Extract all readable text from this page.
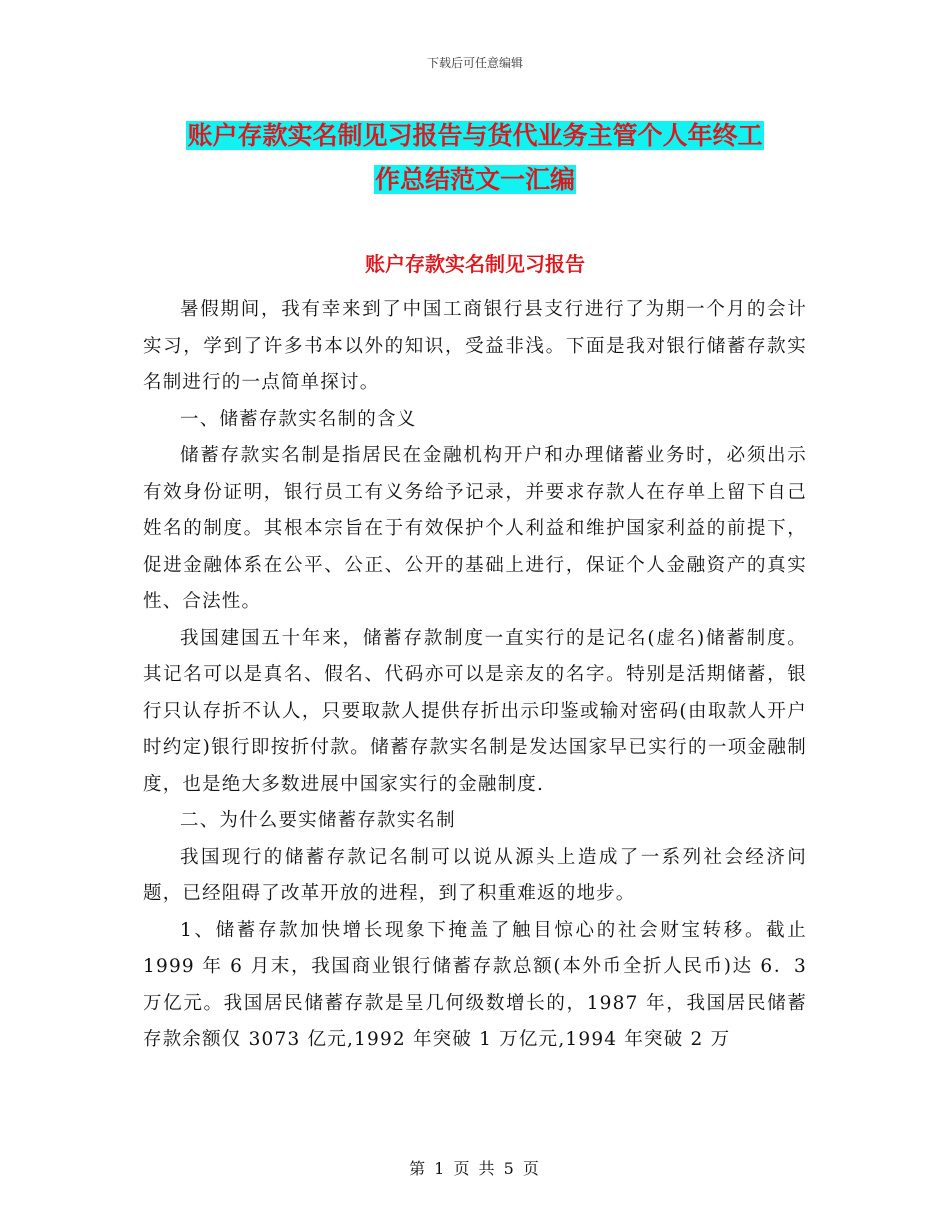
下载后可任意编辑
账户存款实名制见习报告与货代业务主管个人年终工
作总结范文一汇编
账户存款实名制见习报告

暑假期间，我有幸来到了中国工商银行县支行进行了为期一个月的会计实习，学到了许多书本以外的知识，受益非浅。下面是我对银行储蓄存款实名制进行的一点简单探讨。

一、储蓄存款实名制的含义

储蓄存款实名制是指居民在金融机构开户和办理储蓄业务时，必须出示有效身份证明，银行员工有义务给予记录，并要求存款人在存单上留下自己姓名的制度。其根本宗旨在于有效保护个人利益和维护国家利益的前提下，促进金融体系在公平、公正、公开的基础上进行，保证个人金融资产的真实性、合法性。

我国建国五十年来，储蓄存款制度一直实行的是记名(虚名)储蓄制度。其记名可以是真名、假名、代码亦可以是亲友的名字。特别是活期储蓄，银行只认存折不认人，只要取款人提供存折出示印鉴或输对密码(由取款人开户时约定)银行即按折付款。储蓄存款实名制是发达国家早已实行的一项金融制度，也是绝大多数进展中国家实行的金融制度.

二、为什么要实储蓄存款实名制

我国现行的储蓄存款记名制可以说从源头上造成了一系列社会经济问题，已经阻碍了改革开放的进程，到了积重难返的地步。

1、储蓄存款加快增长现象下掩盖了触目惊心的社会财宝转移。截止 1999 年 6 月末，我国商业银行储蓄存款总额(本外币全折人民币)达 6．3 万亿元。我国居民储蓄存款是呈几何级数增长的，1987 年，我国居民储蓄存款余额仅 3073 亿元,1992 年突破 1 万亿元,1994 年突破 2 万

第 1 页 共 5 页
